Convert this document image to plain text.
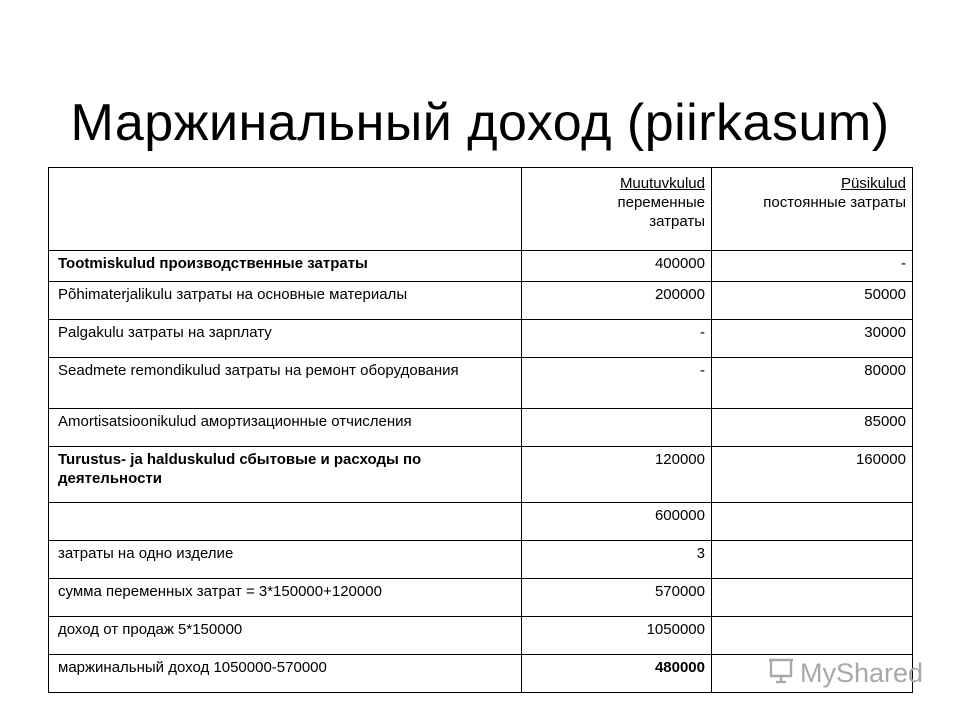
Маржинальный доход (piirkasum)

	Muutuvkulud
переменные
затраты	Püsikulud
постоянные затраты

Tootmiskulud производственные затраты	400000	-
Põhimaterjalikulu затраты на основные материалы	200000	50000
Palgakulu затраты на зарплату	-	30000
Seadmete remondikulud затраты на ремонт оборудования	-	80000
Amortisatsioonikulud амортизационные отчисления		85000
Turustus- ja halduskulud сбытовые и расходы по деятельности	120000	160000
	600000	
затраты на одно изделие	3	
сумма переменных затрат = 3*150000+120000	570000	
доход от продаж 5*150000	1050000	
маржинальный доход 1050000-570000	480000		MyShared
